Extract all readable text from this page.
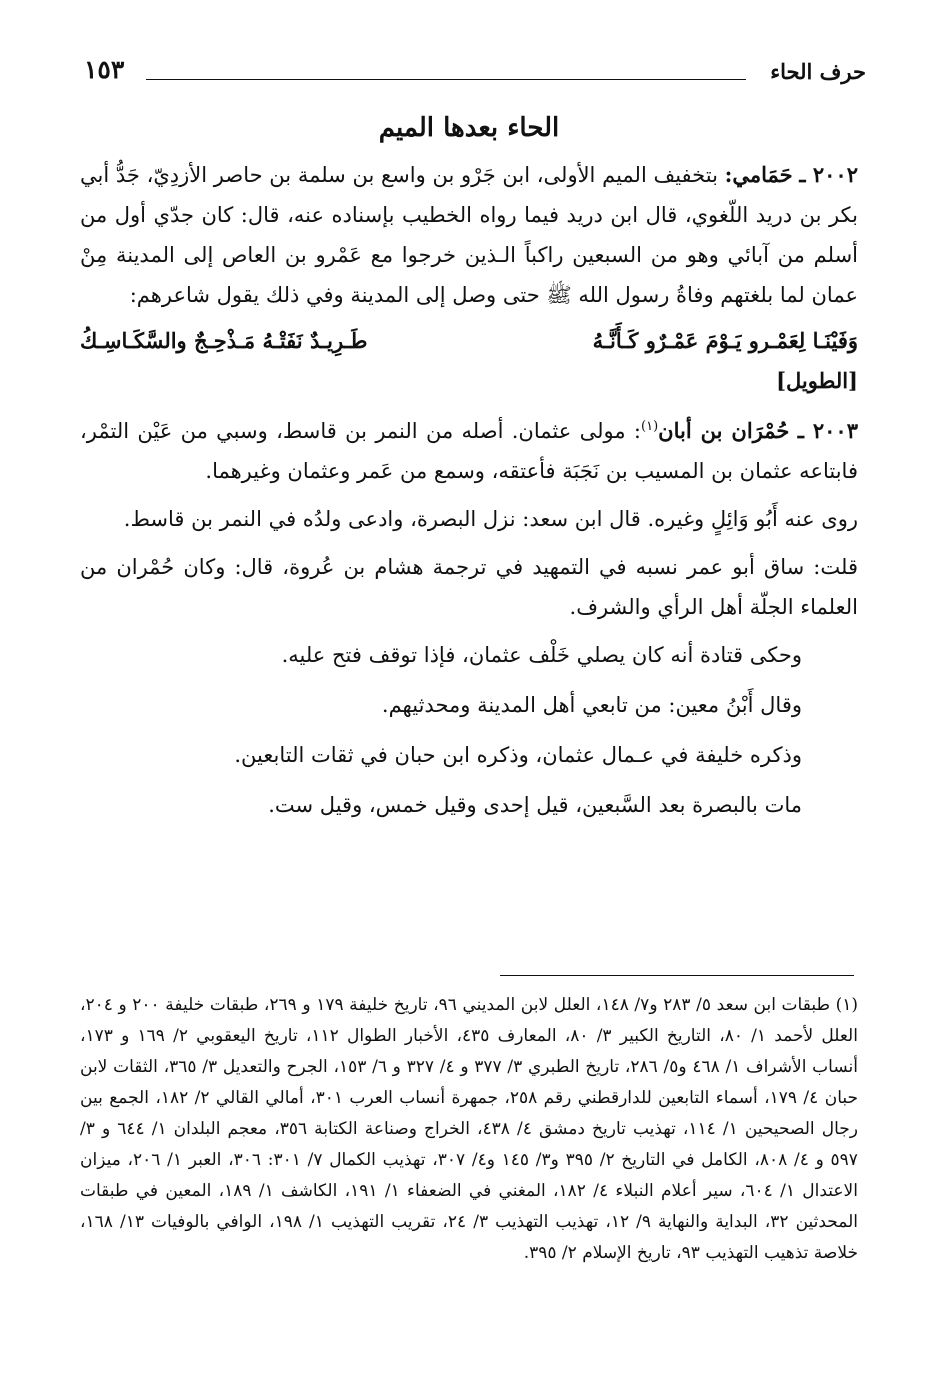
حرف الحاء
١٥٣
الحاء بعدها الميم

٢٠٠٢ ـ حَمَامي: بتخفيف الميم الأولى، ابن جَرْو بن واسع بن سلمة بن حاصر الأزدِيّ، جَدُّ أبي بكر بن دريد اللّغوي، قال ابن دريد فيما رواه الخطيب بإسناده عنه، قال: كان جدّي أول من أسلم من آبائي وهو من السبعين راكباً الـذين خرجوا مع عَمْرو بن العاص إلى المدينة مِنْ عمان لما بلغتهم وفاةُ رسول الله ﷺ حتى وصل إلى المدينة وفي ذلك يقول شاعرهم:

وَفَيْنَـا لِعَمْـرو يَـوْمَ عَمْـرٌو كَـأَنَّـهُ
طَـرِيـدٌ نَفَتْـهُ مَـذْحِـجٌ والسَّكَـاسِـكُ
[الطويل]

٢٠٠٣ ـ حُمْرَان بن أبان$^{(١)}$: مولى عثمان. أصله من النمر بن قاسط، وسبي من عَيْن التمْر، فابتاعه عثمان بن المسيب بن نَجَبَة فأعتقه، وسمع من عَمر وعثمان وغيرهما.

روى عنه أَبُو وَائِلٍ وغيره. قال ابن سعد: نزل البصرة، وادعى ولدُه في النمر بن قاسط.

قلت: ساق أبو عمر نسبه في التمهيد في ترجمة هشام بن عُروة، قال: وكان حُمْران من العلماء الجلّة أهل الرأي والشرف.

وحكى قتادة أنه كان يصلي خَلْف عثمان، فإذا توقف فتح عليه.

وقال أَبْنُ معين: من تابعي أهل المدينة ومحدثيهم.

وذكره خليفة في عـمال عثمان، وذكره ابن حبان في ثقات التابعين.

مات بالبصرة بعد السَّبعين، قيل إحدى وقيل خمس، وقيل ست.

(١) طبقات ابن سعد ٥/ ٢٨٣ و٧/ ١٤٨، العلل لابن المديني ٩٦، تاريخ خليفة ١٧٩ و ٢٦٩، طبقات خليفة ٢٠٠ و ٢٠٤، العلل لأحمد ١/ ٨٠، التاريخ الكبير ٣/ ٨٠، المعارف ٤٣٥، الأخبار الطوال ١١٢، تاريخ اليعقوبي ٢/ ١٦٩ و ١٧٣، أنساب الأشراف ١/ ٤٦٨ و٥/ ٢٨٦، تاريخ الطبري ٣/ ٣٧٧ و ٤/ ٣٢٧ و ٦/ ١٥٣، الجرح والتعديل ٣/ ٣٦٥، الثقات لابن حبان ٤/ ١٧٩، أسماء التابعين للدارقطني رقم ٢٥٨، جمهرة أنساب العرب ٣٠١، أمالي القالي ٢/ ١٨٢، الجمع بين رجال الصحيحين ١/ ١١٤، تهذيب تاريخ دمشق ٤/ ٤٣٨، الخراج وصناعة الكتابة ٣٥٦، معجم البلدان ١/ ٦٤٤ و ٣/ ٥٩٧ و ٤/ ٨٠٨، الكامل في التاريخ ٢/ ٣٩٥ و٣/ ١٤٥ و٤/ ٣٠٧، تهذيب الكمال ٧/ ٣٠١: ٣٠٦، العبر ١/ ٢٠٦، ميزان الاعتدال ١/ ٦٠٤، سير أعلام النبلاء ٤/ ١٨٢، المغني في الضعفاء ١/ ١٩١، الكاشف ١/ ١٨٩، المعين في طبقات المحدثين ٣٢، البداية والنهاية ٩/ ١٢، تهذيب التهذيب ٣/ ٢٤، تقريب التهذيب ١/ ١٩٨، الوافي بالوفيات ١٣/ ١٦٨، خلاصة تذهيب التهذيب ٩٣، تاريخ الإسلام ٢/ ٣٩٥.
